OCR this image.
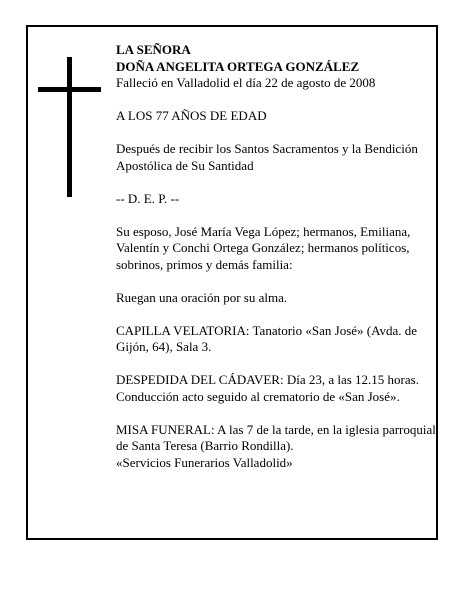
LA SEÑORA
DOÑA ANGELITA ORTEGA GONZÁLEZ
Falleció en Valladolid el día 22 de agosto de 2008

A LOS 77 AÑOS DE EDAD

Después de recibir los Santos Sacramentos y la Bendición Apostólica de Su Santidad

-- D. E. P. --

Su esposo, José María Vega López; hermanos, Emiliana, Valentín y Conchi Ortega González; hermanos políticos, sobrinos, primos y demás familia:

Ruegan una oración por su alma.

CAPILLA VELATORIA: Tanatorio «San José» (Avda. de Gijón, 64), Sala 3.

DESPEDIDA DEL CÁDAVER: Día 23, a las 12.15 horas. Conducción acto seguido al crematorio de «San José».

MISA FUNERAL: A las 7 de la tarde, en la iglesia parroquial de Santa Teresa (Barrio Rondilla).
«Servicios Funerarios Valladolid»
